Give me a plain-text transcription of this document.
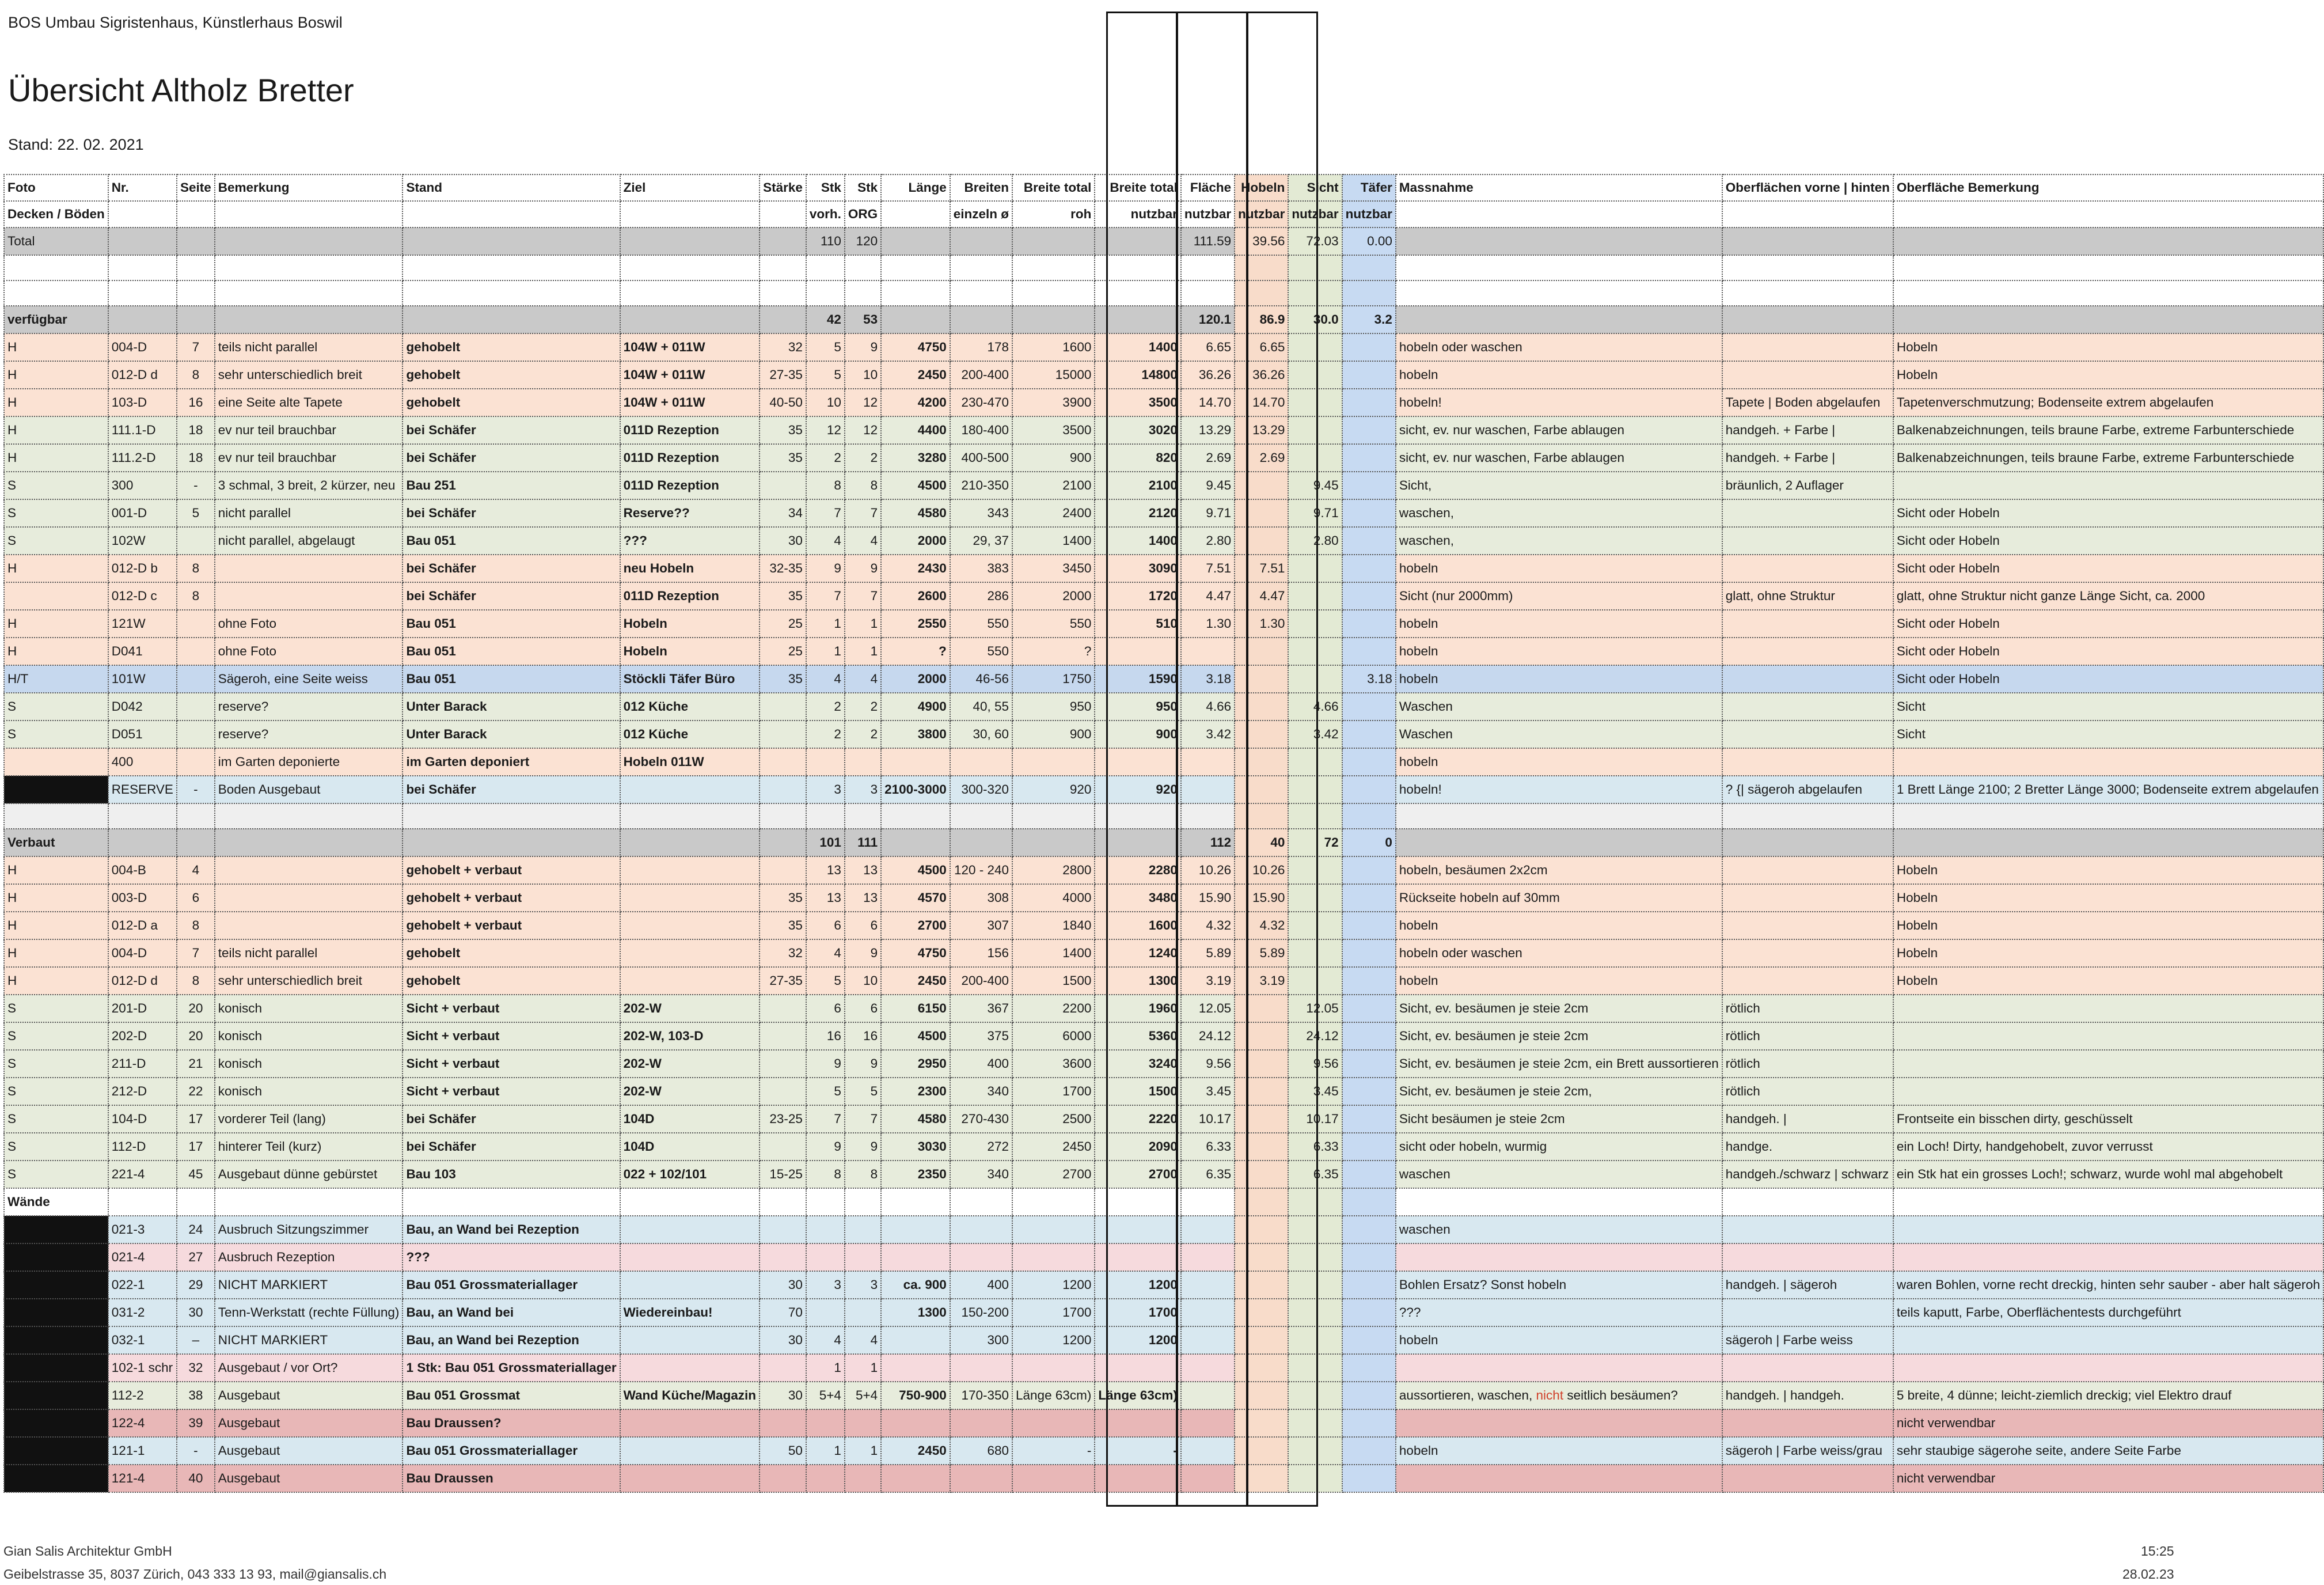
BOS Umbau Sigristenhaus, Künstlerhaus Boswil
Übersicht Altholz Bretter
Stand: 22. 02. 2021
Foto	Nr.	Seite	Bemerkung	Stand	Ziel	Stärke	Stk	Stk	Länge	Breiten	Breite total	Breite total	Fläche	Hobeln	Sicht	Täfer	Massnahme	Oberflächen vorne | hinten	Oberfläche Bemerkung
Decken / Böden							vorh.	ORG		einzeln ø	roh	nutzbar	nutzbar	nutzbar	nutzbar	nutzbar			
Total							110	120					111.59	39.56	72.03	0.00			

verfügbar							42	53					120.1	86.9	30.0	3.2			
H	004-D	7	teils nicht parallel	gehobelt	104W + 011W	32	5	9	4750	178	1600	1400	6.65	6.65			hobeln oder waschen		Hobeln
H	012-D d	8	sehr unterschiedlich breit	gehobelt	104W + 011W	27-35	5	10	2450	200-400	15000	14800	36.26	36.26			hobeln		Hobeln
H	103-D	16	eine Seite alte Tapete	gehobelt	104W + 011W	40-50	10	12	4200	230-470	3900	3500	14.70	14.70			hobeln!	Tapete | Boden abgelaufen	Tapetenverschmutzung; Bodenseite extrem abgelaufen
H	111.1-D	18	ev nur teil brauchbar	bei Schäfer	011D Rezeption	35	12	12	4400	180-400	3500	3020	13.29	13.29			sicht, ev. nur waschen, Farbe ablaugen	handgeh. + Farbe |	Balkenabzeichnungen, teils braune Farbe, extreme Farbunterschiede
H	111.2-D	18	ev nur teil brauchbar	bei Schäfer	011D Rezeption	35	2	2	3280	400-500	900	820	2.69	2.69			sicht, ev. nur waschen, Farbe ablaugen	handgeh. + Farbe |	Balkenabzeichnungen, teils braune Farbe, extreme Farbunterschiede
S	300	-	3 schmal, 3 breit, 2 kürzer, neu	Bau 251	011D Rezeption		8	8	4500	210-350	2100	2100	9.45		9.45		Sicht,	bräunlich, 2 Auflager	
S	001-D	5	nicht parallel	bei Schäfer	Reserve??	34	7	7	4580	343	2400	2120	9.71		9.71		waschen,		Sicht oder Hobeln
S	102W		nicht parallel, abgelaugt	Bau 051	???	30	4	4	2000	29, 37	1400	1400	2.80		2.80		waschen,		Sicht oder Hobeln
H	012-D b	8		bei Schäfer	neu Hobeln	32-35	9	9	2430	383	3450	3090	7.51	7.51			hobeln		Sicht oder Hobeln
	012-D c	8		bei Schäfer	011D Rezeption	35	7	7	2600	286	2000	1720	4.47	4.47			Sicht (nur 2000mm)	glatt, ohne Struktur	glatt, ohne Struktur nicht ganze Länge Sicht, ca. 2000
H	121W		ohne Foto	Bau 051	Hobeln	25	1	1	2550	550	550	510	1.30	1.30			hobeln		Sicht oder Hobeln
H	D041		ohne Foto	Bau 051	Hobeln	25	1	1	?	550	?						hobeln		Sicht oder Hobeln
H/T	101W		Sägeroh, eine Seite weiss	Bau 051	Stöckli Täfer Büro	35	4	4	2000	46-56	1750	1590	3.18			3.18	hobeln		Sicht oder Hobeln
S	D042		reserve?	Unter Barack	012 Küche		2	2	4900	40, 55	950	950	4.66		4.66		Waschen		Sicht
S	D051		reserve?	Unter Barack	012 Küche		2	2	3800	30, 60	900	900	3.42		3.42		Waschen		Sicht
	400		im Garten deponierte	im Garten deponiert	Hobeln 011W												hobeln		
	RESERVE	-	Boden Ausgebaut	bei Schäfer			3	3	2100-3000	300-320	920	920					hobeln!	? {| sägeroh abgelaufen	1 Brett Länge 2100; 2 Bretter Länge 3000; Bodenseite extrem abgelaufen

Verbaut							101	111					112	40	72	0			
H	004-B	4		gehobelt + verbaut			13	13	4500	120 - 240	2800	2280	10.26	10.26			hobeln, besäumen 2x2cm		Hobeln
H	003-D	6		gehobelt + verbaut		35	13	13	4570	308	4000	3480	15.90	15.90			Rückseite hobeln auf 30mm		Hobeln
H	012-D a	8		gehobelt + verbaut		35	6	6	2700	307	1840	1600	4.32	4.32			hobeln		Hobeln
H	004-D	7	teils nicht parallel	gehobelt		32	4	9	4750	156	1400	1240	5.89	5.89			hobeln oder waschen		Hobeln
H	012-D d	8	sehr unterschiedlich breit	gehobelt		27-35	5	10	2450	200-400	1500	1300	3.19	3.19			hobeln		Hobeln
S	201-D	20	konisch	Sicht + verbaut	202-W		6	6	6150	367	2200	1960	12.05		12.05		Sicht, ev. besäumen je steie 2cm	rötlich	
S	202-D	20	konisch	Sicht + verbaut	202-W, 103-D		16	16	4500	375	6000	5360	24.12		24.12		Sicht, ev. besäumen je steie 2cm	rötlich	
S	211-D	21	konisch	Sicht + verbaut	202-W		9	9	2950	400	3600	3240	9.56		9.56		Sicht, ev. besäumen je steie 2cm, ein Brett aussortieren	rötlich	
S	212-D	22	konisch	Sicht + verbaut	202-W		5	5	2300	340	1700	1500	3.45		3.45		Sicht, ev. besäumen je steie 2cm,	rötlich	
S	104-D	17	vorderer Teil (lang)	bei Schäfer	104D	23-25	7	7	4580	270-430	2500	2220	10.17		10.17		Sicht besäumen je steie 2cm	handgeh. |	Frontseite ein bisschen dirty, geschüsselt
S	112-D	17	hinterer Teil (kurz)	bei Schäfer	104D		9	9	3030	272	2450	2090	6.33		6.33		sicht oder hobeln, wurmig	handge.	ein Loch! Dirty, handgehobelt, zuvor verrusst
S	221-4	45	Ausgebaut dünne gebürstet	Bau 103	022 + 102/101	15-25	8	8	2350	340	2700	2700	6.35		6.35		waschen	handgeh./schwarz | schwarz	ein Stk hat ein grosses Loch!; schwarz, wurde wohl mal abgehobelt
Wände																			
	021-3	24	Ausbruch Sitzungszimmer	Bau, an Wand bei Rezeption													waschen		
	021-4	27	Ausbruch Rezeption	???															
	022-1	29	NICHT MARKIERT	Bau 051 Grossmateriallager		30	3	3	ca. 900	400	1200	1200					Bohlen Ersatz? Sonst hobeln	handgeh. | sägeroh	waren Bohlen, vorne recht dreckig, hinten sehr sauber - aber halt sägeroh
	031-2	30	Tenn-Werkstatt (rechte Füllung)	Bau, an Wand bei	Wiedereinbau!	70			1300	150-200	1700	1700					???		teils kaputt, Farbe, Oberflächentests durchgeführt
	032-1	–	NICHT MARKIERT	Bau, an Wand bei Rezeption		30	4	4		300	1200	1200					hobeln	sägeroh | Farbe weiss	
	102-1 schr	32	Ausgebaut / vor Ort?	1 Stk: Bau 051 Grossmateriallager			1	1											
	112-2	38	Ausgebaut	Bau 051 Grossmat	Wand Küche/Magazin	30	5+4	5+4	750-900	170-350	Länge 63cm)	Länge 63cm)					aussortieren, waschen, nicht seitlich besäumen?	handgeh. | handgeh.	5 breite, 4 dünne; leicht-ziemlich dreckig; viel Elektro drauf
	122-4	39	Ausgebaut	Bau Draussen?															nicht verwendbar
	121-1	-	Ausgebaut	Bau 051 Grossmateriallager		50	1	1	2450	680	-	-					hobeln	sägeroh | Farbe weiss/grau	sehr staubige sägerohe seite, andere Seite Farbe
	121-4	40	Ausgebaut	Bau Draussen															nicht verwendbar
Gian Salis Architektur GmbH
Geibelstrasse 35, 8037 Zürich, 043 333 13 93, mail@giansalis.ch
15:25
28.02.23
